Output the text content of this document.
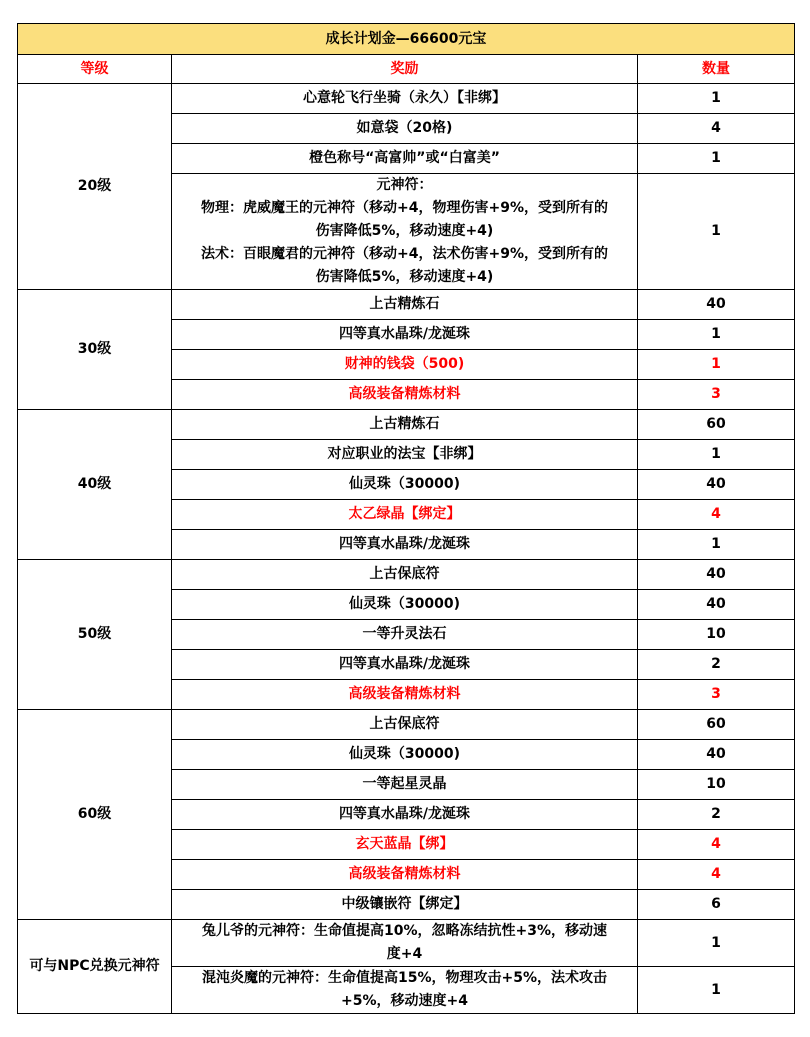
成长计划金—66600元宝		
等级	奖励	数量
20级	心意轮飞行坐骑（永久）【非绑】	1
	如意袋（20格)	4
	橙色称号“高富帅”或“白富美”	1

	元神符：
物理：虎威魔王的元神符（移动+4，物理伤害+9%，受到所有的
伤害降低5%，移动速度+4)
法术：百眼魔君的元神符（移动+4，法术伤害+9%，受到所有的
伤害降低5%，移动速度+4)	1
30级	上古精炼石	40
	四等真水晶珠/龙涎珠	1
	财神的钱袋（500)	1
	高级装备精炼材料	3
40级	上古精炼石	60
	对应职业的法宝【非绑】	1
	仙灵珠（30000)	40
	太乙绿晶【绑定】	4
	四等真水晶珠/龙涎珠	1
50级	上古保底符	40
	仙灵珠（30000)	40
	一等升灵法石	10
	四等真水晶珠/龙涎珠	2
	高级装备精炼材料	3
60级	上古保底符	60
	仙灵珠（30000)	40
	一等起星灵晶	10
	四等真水晶珠/龙涎珠	2
	玄天蓝晶【绑】	4
	高级装备精炼材料	4
	中级镶嵌符【绑定】	6
可与NPC兑换元神符	兔儿爷的元神符：生命值提高10%，忽略冻结抗性+3%，移动速
度+4	1

	混沌炎魔的元神符：生命值提高15%，物理攻击+5%，法术攻击
+5%，移动速度+4	1
